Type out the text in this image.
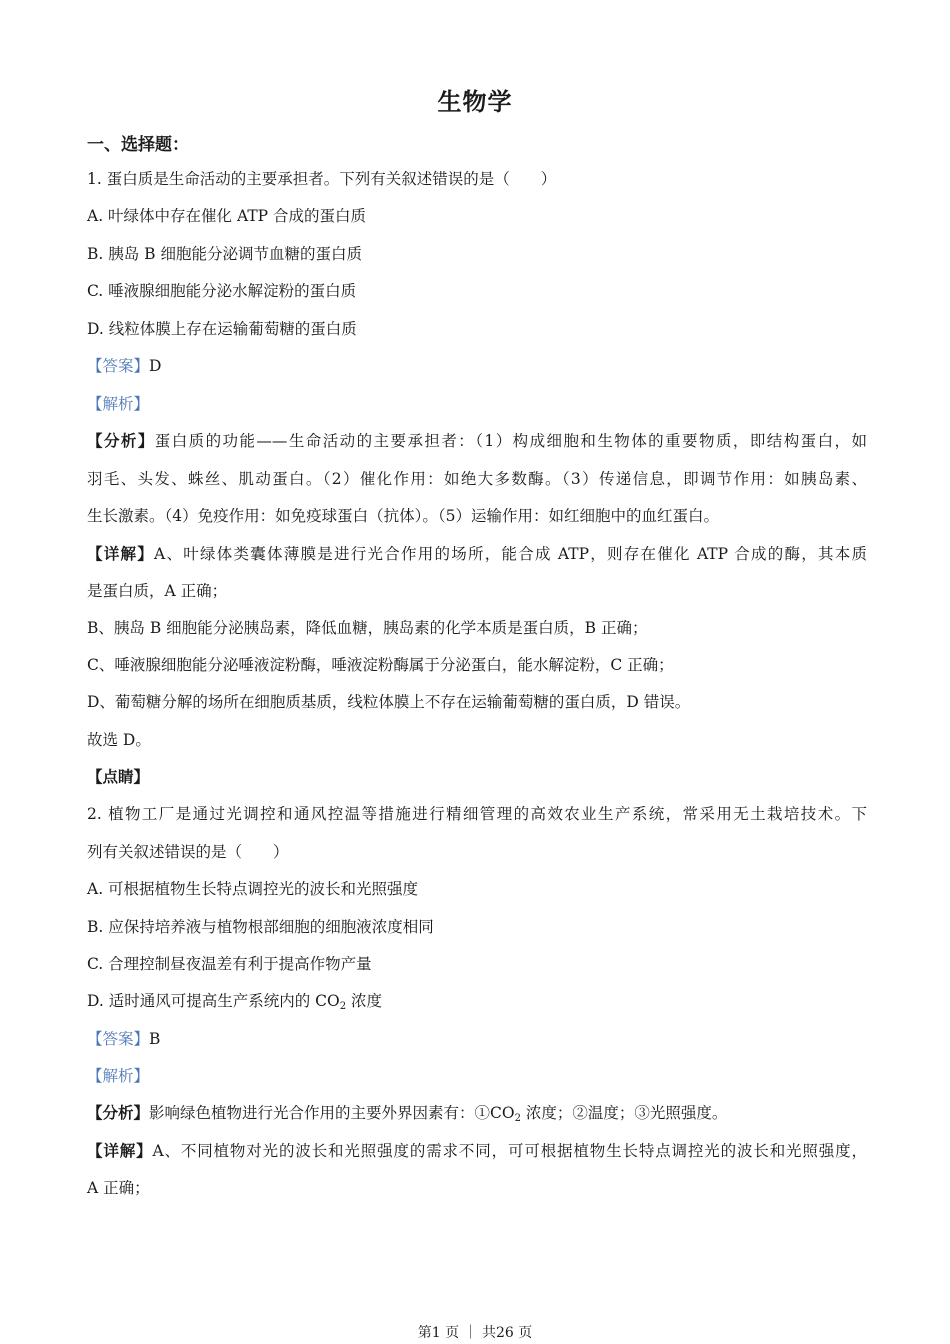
生物学
一、选择题：
1. 蛋白质是生命活动的主要承担者。下列有关叙述错误的是（　　）
A. 叶绿体中存在催化 ATP 合成的蛋白质
B. 胰岛 B 细胞能分泌调节血糖的蛋白质
C. 唾液腺细胞能分泌水解淀粉的蛋白质
D. 线粒体膜上存在运输葡萄糖的蛋白质
【答案】D
【解析】
【分析】蛋白质的功能——生命活动的主要承担者：（1）构成细胞和生物体的重要物质，即结构蛋白，如
羽毛、头发、蛛丝、肌动蛋白。（2）催化作用：如绝大多数酶。（3）传递信息，即调节作用：如胰岛素、
生长激素。（4）免疫作用：如免疫球蛋白（抗体）。（5）运输作用：如红细胞中的血红蛋白。
【详解】A、叶绿体类囊体薄膜是进行光合作用的场所，能合成 ATP，则存在催化 ATP 合成的酶，其本质
是蛋白质，A 正确；
B、胰岛 B 细胞能分泌胰岛素，降低血糖，胰岛素的化学本质是蛋白质，B 正确；
C、唾液腺细胞能分泌唾液淀粉酶，唾液淀粉酶属于分泌蛋白，能水解淀粉，C 正确；
D、葡萄糖分解的场所在细胞质基质，线粒体膜上不存在运输葡萄糖的蛋白质，D 错误。
故选 D。
【点睛】
2. 植物工厂是通过光调控和通风控温等措施进行精细管理的高效农业生产系统，常采用无土栽培技术。下
列有关叙述错误的是（　　）
A. 可根据植物生长特点调控光的波长和光照强度
B. 应保持培养液与植物根部细胞的细胞液浓度相同
C. 合理控制昼夜温差有利于提高作物产量
D. 适时通风可提高生产系统内的 $CO_2$ 浓度
【答案】B
【解析】
【分析】影响绿色植物进行光合作用的主要外界因素有：$①CO_2$ 浓度；②温度；③光照强度。
【详解】A、不同植物对光的波长和光照强度的需求不同，可可根据植物生长特点调控光的波长和光照强度，
A 正确；
第1 页 ｜ 共26 页
